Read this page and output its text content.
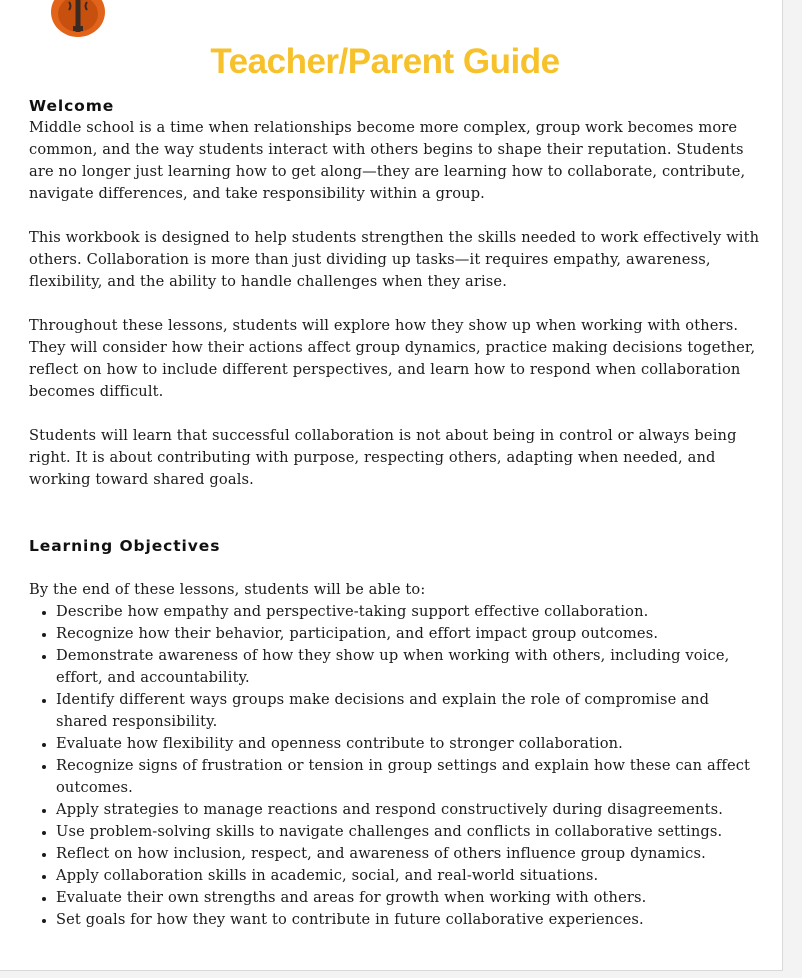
Teacher/Parent Guide
Welcome

Middle school is a time when relationships become more complex, group work becomes more common, and the way students interact with others begins to shape their reputation. Students are no longer just learning how to get along—they are learning how to collaborate, contribute, navigate differences, and take responsibility within a group.

This workbook is designed to help students strengthen the skills needed to work effectively with others. Collaboration is more than just dividing up tasks—it requires empathy, awareness, flexibility, and the ability to handle challenges when they arise.

Throughout these lessons, students will explore how they show up when working with others. They will consider how their actions affect group dynamics, practice making decisions together, reflect on how to include different perspectives, and learn how to respond when collaboration becomes difficult.

Students will learn that successful collaboration is not about being in control or always being right. It is about contributing with purpose, respecting others, adapting when needed, and working toward shared goals.

Learning Objectives

By the end of these lessons, students will be able to:

• Describe how empathy and perspective-taking support effective collaboration.
• Recognize how their behavior, participation, and effort impact group outcomes.
• Demonstrate awareness of how they show up when working with others, including voice, effort, and accountability.
• Identify different ways groups make decisions and explain the role of compromise and shared responsibility.
• Evaluate how flexibility and openness contribute to stronger collaboration.
• Recognize signs of frustration or tension in group settings and explain how these can affect outcomes.
• Apply strategies to manage reactions and respond constructively during disagreements.
• Use problem-solving skills to navigate challenges and conflicts in collaborative settings.
• Reflect on how inclusion, respect, and awareness of others influence group dynamics.
• Apply collaboration skills in academic, social, and real-world situations.
• Evaluate their own strengths and areas for growth when working with others.
• Set goals for how they want to contribute in future collaborative experiences.
